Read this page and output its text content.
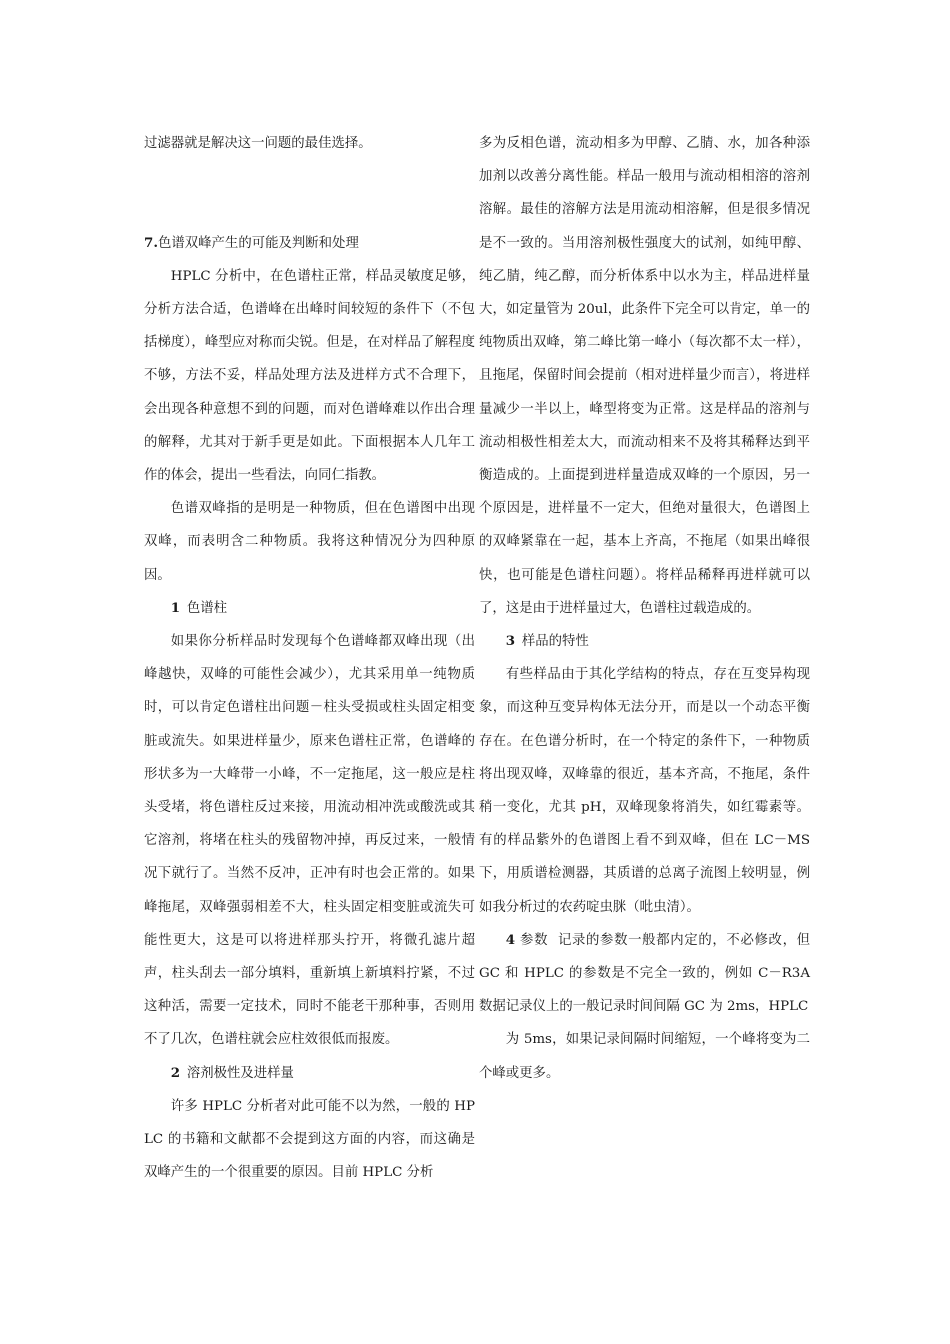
过滤器就是解决这一问题的最佳选择。

7.色谱双峰产生的可能及判断和处理

HPLC 分析中，在色谱柱正常，样品灵敏度足够，分析方法合适，色谱峰在出峰时间较短的条件下（不包括梯度），峰型应对称而尖锐。但是，在对样品了解程度不够，方法不妥，样品处理方法及进样方式不合理下，会出现各种意想不到的问题，而对色谱峰难以作出合理的解释，尤其对于新手更是如此。下面根据本人几年工作的体会，提出一些看法，向同仁指教。

色谱双峰指的是明是一种物质，但在色谱图中出现双峰，而表明含二种物质。我将这种情况分为四种原因。

1 色谱柱

如果你分析样品时发现每个色谱峰都双峰出现（出峰越快，双峰的可能性会减少），尤其采用单一纯物质时，可以肯定色谱柱出问题－柱头受损或柱头固定相变脏或流失。如果进样量少，原来色谱柱正常，色谱峰的形状多为一大峰带一小峰，不一定拖尾，这一般应是柱头受堵，将色谱柱反过来接，用流动相冲洗或酸洗或其它溶剂，将堵在柱头的残留物冲掉，再反过来，一般情况下就行了。当然不反冲，正冲有时也会正常的。如果峰拖尾，双峰强弱相差不大，柱头固定相变脏或流失可能性更大，这是可以将进样那头拧开，将微孔滤片超声，柱头刮去一部分填料，重新填上新填料拧紧，不过这种活，需要一定技术，同时不能老干那种事，否则用不了几次，色谱柱就会应柱效很低而报废。

2 溶剂极性及进样量

许多 HPLC 分析者对此可能不以为然，一般的 HPLC 的书籍和文献都不会提到这方面的内容，而这确是双峰产生的一个很重要的原因。目前 HPLC 分析

多为反相色谱，流动相多为甲醇、乙腈、水，加各种添加剂以改善分离性能。样品一般用与流动相相溶的溶剂溶解。最佳的溶解方法是用流动相溶解，但是很多情况是不一致的。当用溶剂极性强度大的试剂，如纯甲醇、纯乙腈，纯乙醇，而分析体系中以水为主，样品进样量大，如定量管为 20ul，此条件下完全可以肯定，单一的纯物质出双峰，第二峰比第一峰小（每次都不太一样），且拖尾，保留时间会提前（相对进样量少而言），将进样量减少一半以上，峰型将变为正常。这是样品的溶剂与流动相极性相差太大，而流动相来不及将其稀释达到平衡造成的。上面提到进样量造成双峰的一个原因，另一个原因是，进样量不一定大，但绝对量很大，色谱图上的双峰紧靠在一起，基本上齐高，不拖尾（如果出峰很快，也可能是色谱柱问题）。将样品稀释再进样就可以了，这是由于进样量过大，色谱柱过载造成的。

3 样品的特性

有些样品由于其化学结构的特点，存在互变异构现象，而这种互变异构体无法分开，而是以一个动态平衡存在。在色谱分析时，在一个特定的条件下，一种物质将出现双峰，双峰靠的很近，基本齐高，不拖尾，条件稍一变化，尤其 pH，双峰现象将消失，如红霉素等。有的样品紫外的色谱图上看不到双峰，但在 LC－MS 下，用质谱检测器，其质谱的总离子流图上较明显，例如我分析过的农药啶虫脒（吡虫清）。

4 参数 记录的参数一般都内定的，不必修改，但 GC 和 HPLC 的参数是不完全一致的，例如 C－R3A 数据记录仪上的一般记录时间间隔 GC 为 2ms，HPLC

为 5ms，如果记录间隔时间缩短，一个峰将变为二个峰或更多。
